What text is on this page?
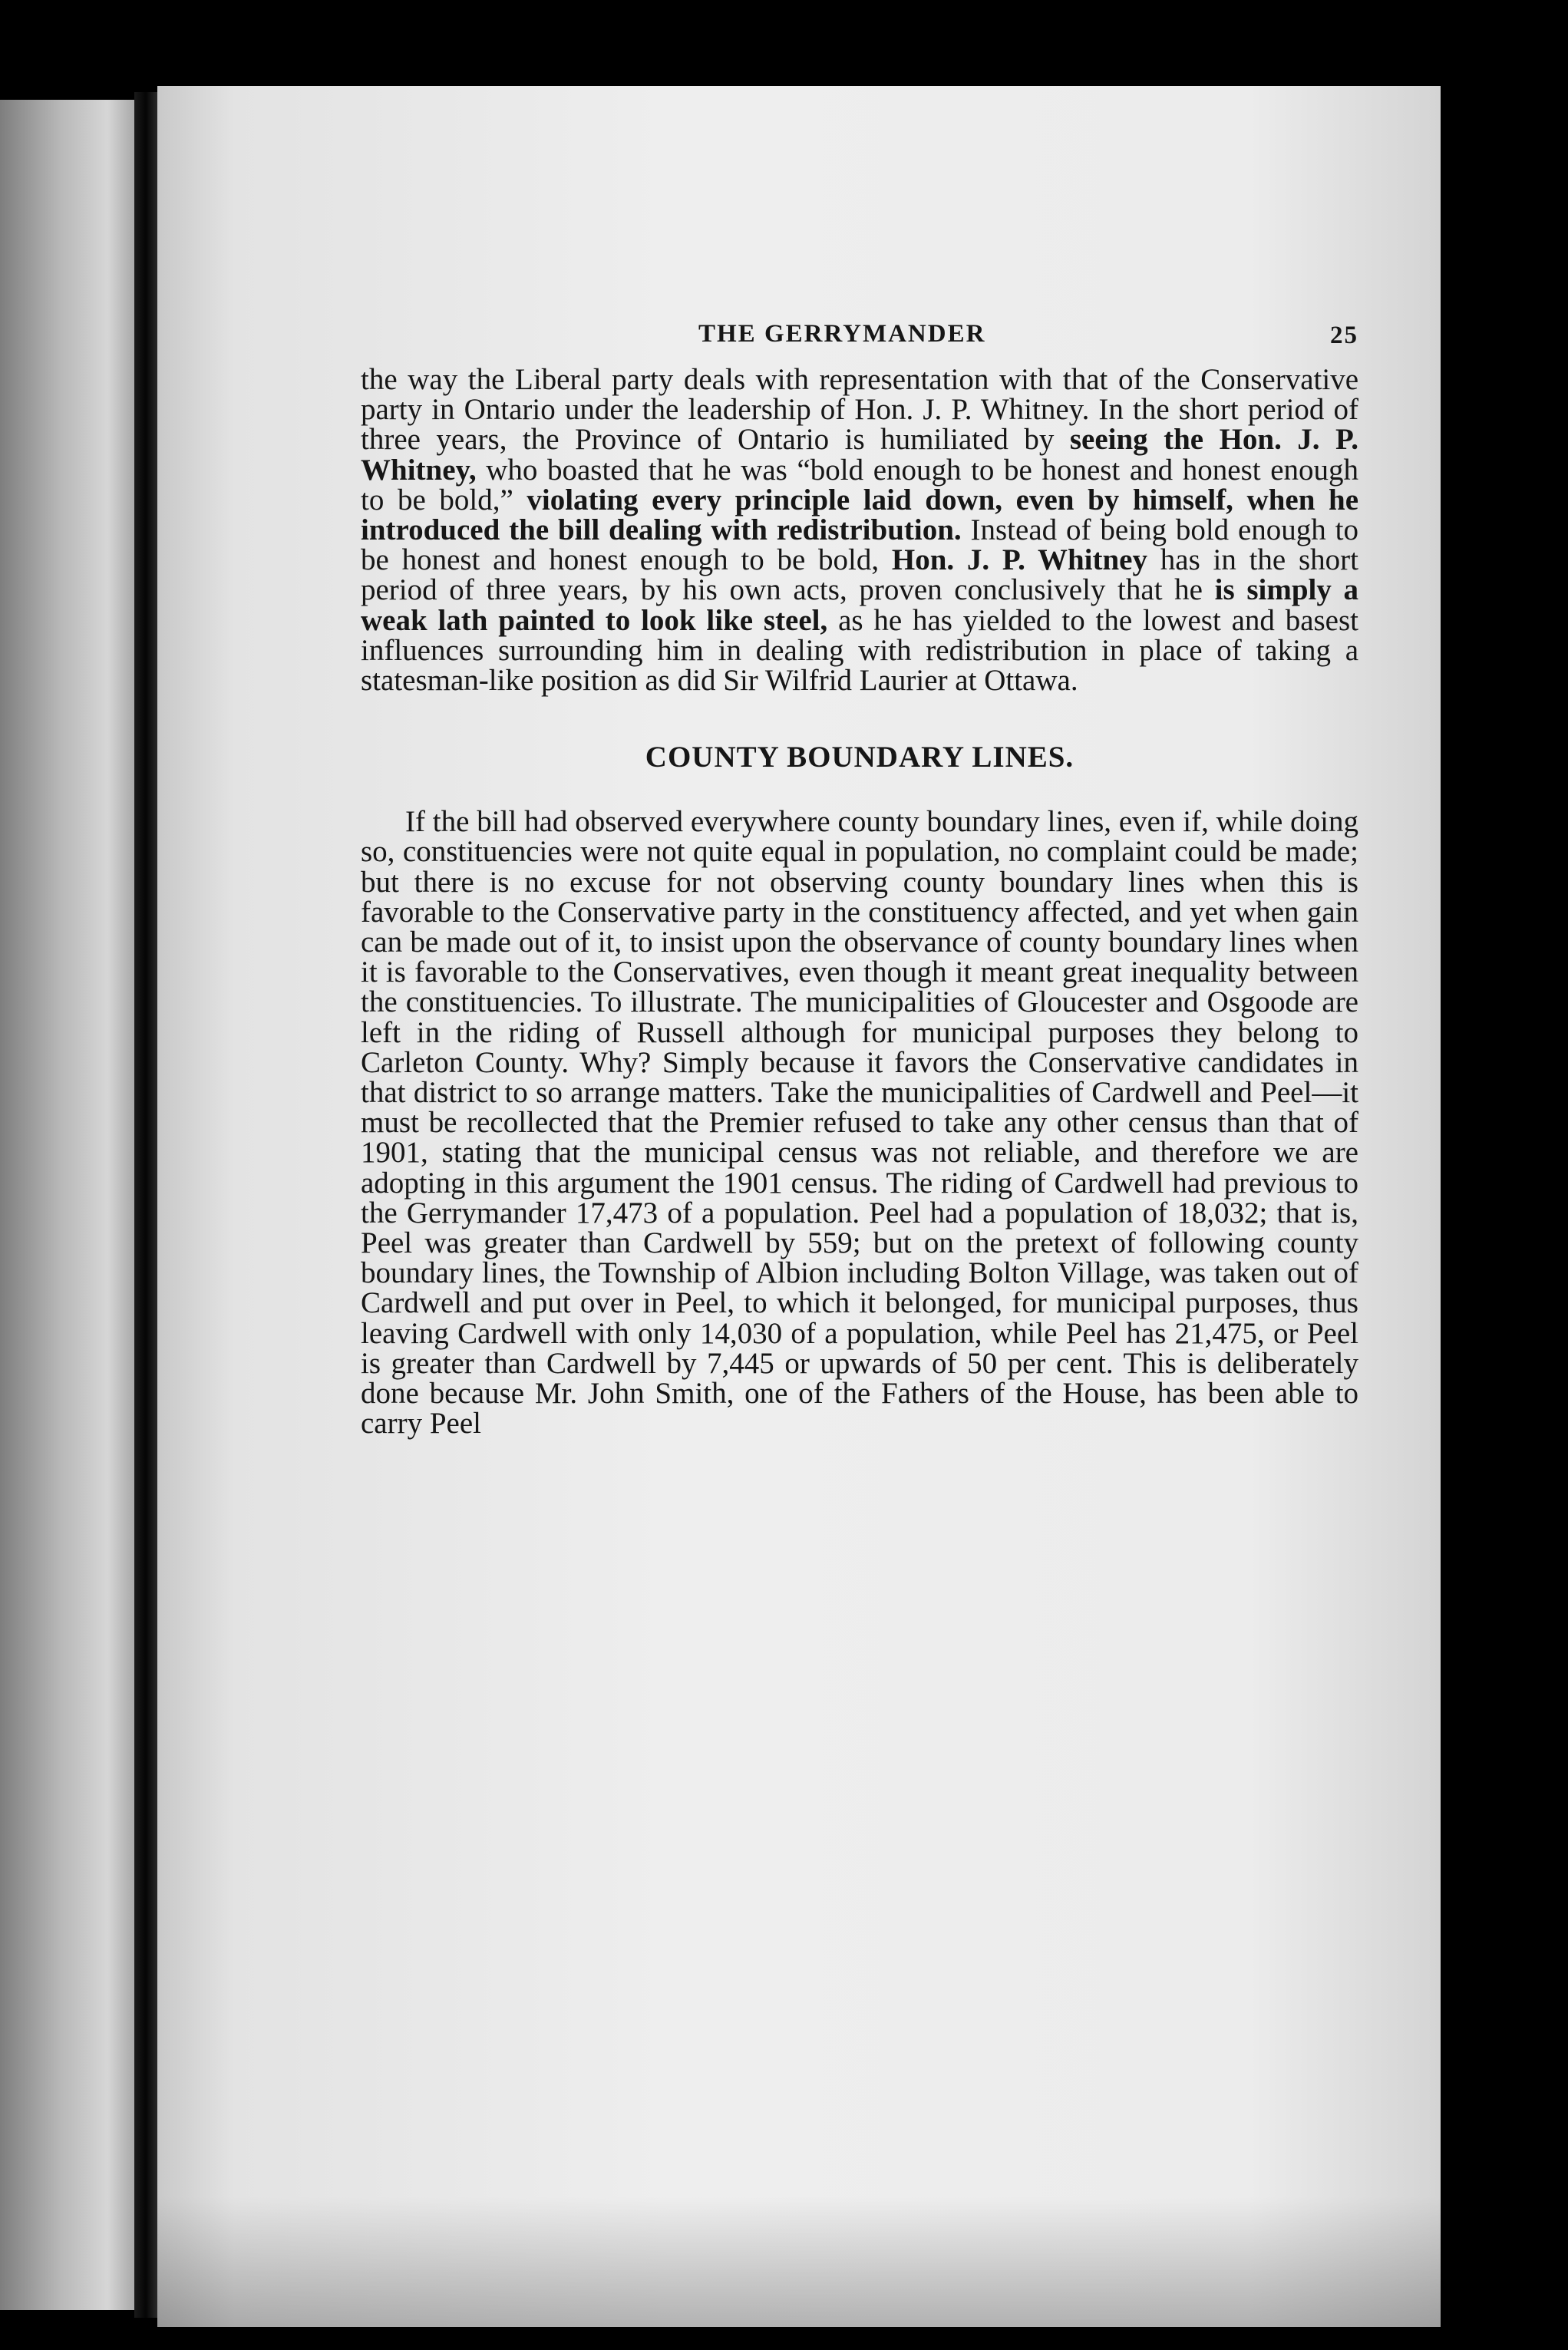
THE GERRYMANDER	25

the way the Liberal party deals with representation with that of the Conservative party in Ontario under the leadership of Hon. J. P. Whitney. In the short period of three years, the Province of Ontario is humiliated by seeing the Hon. J. P. Whitney, who boasted that he was “bold enough to be honest and honest enough to be bold,” violating every principle laid down, even by himself, when he introduced the bill dealing with redistribution. Instead of being bold enough to be honest and honest enough to be bold, Hon. J. P. Whitney has in the short period of three years, by his own acts, proven conclusively that he is simply a weak lath painted to look like steel, as he has yielded to the lowest and basest influences surrounding him in dealing with redistribution in place of taking a statesman-like position as did Sir Wilfrid Laurier at Ottawa.

COUNTY BOUNDARY LINES.

If the bill had observed everywhere county boundary lines, even if, while doing so, constituencies were not quite equal in population, no complaint could be made; but there is no excuse for not observing county boundary lines when this is favorable to the Conservative party in the constituency affected, and yet when gain can be made out of it, to insist upon the observance of county boundary lines when it is favorable to the Conservatives, even though it meant great inequality between the constituencies. To illustrate. The municipalities of Gloucester and Osgoode are left in the riding of Russell although for municipal purposes they belong to Carleton County. Why? Simply because it favors the Conservative candidates in that district to so arrange matters. Take the municipalities of Cardwell and Peel—it must be recollected that the Premier refused to take any other census than that of 1901, stating that the municipal census was not reliable, and therefore we are adopting in this argument the 1901 census. The riding of Cardwell had previous to the Gerrymander 17,473 of a population. Peel had a population of 18,032; that is, Peel was greater than Cardwell by 559; but on the pretext of following county boundary lines, the Township of Albion including Bolton Village, was taken out of Cardwell and put over in Peel, to which it belonged, for municipal purposes, thus leaving Cardwell with only 14,030 of a population, while Peel has 21,475, or Peel is greater than Cardwell by 7,445 or upwards of 50 per cent. This is deliberately done because Mr. John Smith, one of the Fathers of the House, has been able to carry Peel
